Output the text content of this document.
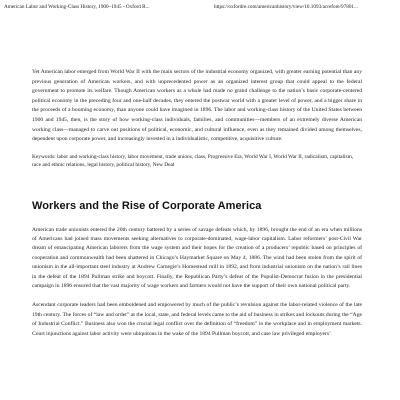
American Labor and Working-Class History, 1900–1945 - Oxford R...	https://oxfordre.com/americanhistory/view/10.1093/acrefore/97801...

Yet American labor emerged from World War II with the main sectors of the industrial economy organized, with greater earning potential than any previous generation of American workers, and with unprecedented power as an organized interest group that could appeal to the federal government to promote its welfare. Though American workers as a whole had made no grand challenge to the nation’s basic corporate-centered political economy in the preceding four and one-half decades, they entered the postwar world with a greater level of power, and a bigger share in the proceeds of a booming economy, than anyone could have imagined in 1896. The labor and working-class history of the United States between 1900 and 1945, then, is the story of how working-class individuals, families, and communities—members of an extremely diverse American working class—managed to carve out positions of political, economic, and cultural influence, even as they remained divided among themselves, dependent upon corporate power, and increasingly invested in a individualistic, competitive, acquisitive culture.

Keywords: labor and working-class history, labor movement, trade unions, class, Progressive Era, World War I, World War II, radicalism, capitalism, race and ethnic relations, legal history, political history, New Deal

Workers and the Rise of Corporate America

American trade unionists entered the 20th century battered by a series of savage defeats which, by 1896, brought the end of an era when millions of Americans had joined mass movements seeking alternatives to corporate-dominated, wage-labor capitalism. Labor reformers’ post-Civil War dream of emancipating American laborers from the wage system and their hopes for the creation of a producers’ republic based on principles of cooperation and commonwealth had been shattered in Chicago’s Haymarket Square on May 4, 1886. The wind had been stolen from the spirit of unionism in the all-important steel industry at Andrew Carnegie’s Homestead mill in 1892, and from industrial unionism on the nation’s rail lines in the defeat of the 1894 Pullman strike and boycott. Finally, the Republican Party’s defeat of the Populist-Democrat fusion in the presidential campaign in 1896 ensured that the vast majority of wage workers and farmers would not have the support of their own national political party.

Ascendant corporate leaders had been emboldened and empowered by much of the public’s revulsion against the labor-related violence of the late 19th century. The forces of “law and order” at the local, state, and federal levels came to the aid of business in strikes and lockouts during the “Age of Industrial Conflict.” Business also won the crucial legal conflict over the definition of “freedom” in the workplace and in employment markets. Court injunctions against labor activity were ubiquitous in the wake of the 1894 Pullman boycott, and case law privileged employers’
